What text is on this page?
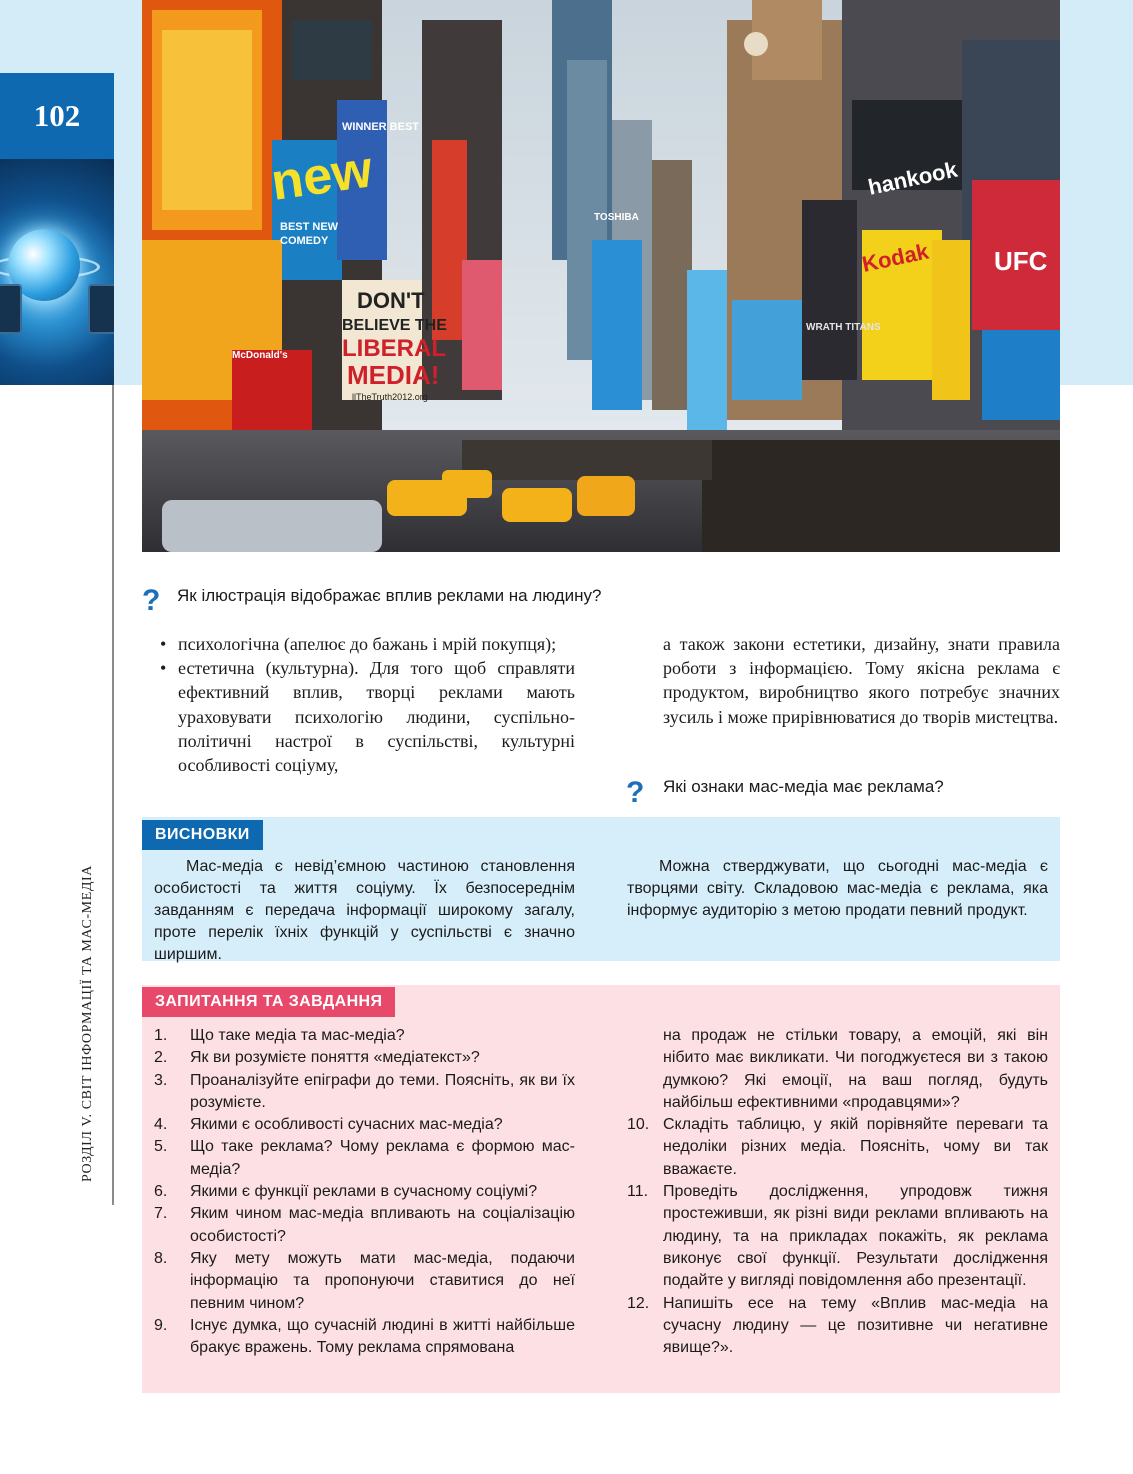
102
РОЗДІЛ V. СВІТ ІНФОРМАЦІЇ ТА МАС-МЕДІА
new
BEST NEW
COMEDY
WINNER BEST
DON'T
BELIEVE THE
LIBERAL
MEDIA!
llTheTruth2012.org
McDonald's
TOSHIBA
hankook
Kodak UFC
WRATH TITANS
? Як ілюстрація відображає вплив реклами на людину?
• психологічна (апелює до бажань і мрій покупця);
• естетична (культурна). Для того щоб справляти ефективний вплив, творці реклами мають ураховувати психологію людини, суспільно-політичні настрої в суспільстві, культурні особливості соціуму,
а також закони естетики, дизайну, знати правила роботи з інформацією. Тому якісна реклама є продуктом, виробництво якого потребує значних зусиль і може прирівнюватися до творів мистецтва.
? Які ознаки мас-медіа має реклама?
ВИСНОВКИ
Мас-медіа є невід’ємною частиною становлення особистості та життя соціуму. Їх безпосереднім завданням є передача інформації широкому загалу, проте перелік їхніх функцій у суспільстві є значно ширшим.
Можна стверджувати, що сьогодні мас-медіа є творцями світу. Складовою мас-медіа є реклама, яка інформує аудиторію з метою продати певний продукт.
ЗАПИТАННЯ ТА ЗАВДАННЯ
1.	Що таке медіа та мас-медіа?
2.	Як ви розумієте поняття «медіатекст»?
3.	Проаналізуйте епіграфи до теми. Поясніть, як ви їх розумієте.
4.	Якими є особливості сучасних мас-медіа?
5.	Що таке реклама? Чому реклама є формою мас-медіа?
6.	Якими є функції реклами в сучасному соціумі?
7.	Яким чином мас-медіа впливають на соціалізацію особистості?
8.	Яку мету можуть мати мас-медіа, подаючи інформацію та пропонуючи ставитися до неї певним чином?
9.	Існує думка, що сучасній людині в житті найбільше бракує вражень. Тому реклама спрямована
на продаж не стільки товару, а емоцій, які він нібито має викликати. Чи погоджуєтеся ви з такою думкою? Які емоції, на ваш погляд, будуть найбільш ефективними «продавцями»?
10. Складіть таблицю, у якій порівняйте переваги та недоліки різних медіа. Поясніть, чому ви так вважаєте.
11. Проведіть дослідження, упродовж тижня простеживши, як різні види реклами впливають на людину, та на прикладах покажіть, як реклама виконує свої функції. Результати дослідження подайте у вигляді повідомлення або презентації.
12. Напишіть есе на тему «Вплив мас-медіа на сучасну людину — це позитивне чи негативне явище?».
